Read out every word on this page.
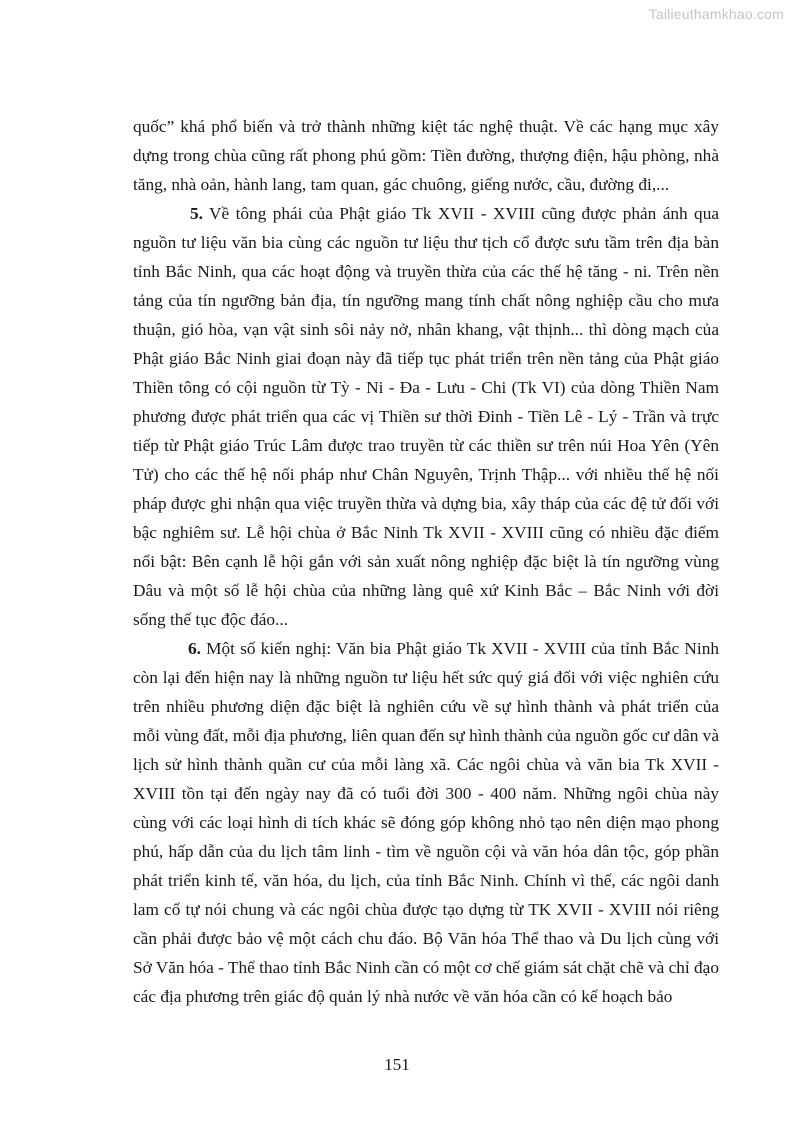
Tailieuthamkhao.com

quốc” khá phổ biến và trở thành những kiệt tác nghệ thuật. Về các hạng mục xây dựng trong chùa cũng rất phong phú gồm: Tiền đường, thượng điện, hậu phòng, nhà tăng, nhà oản, hành lang, tam quan, gác chuông, giếng nước, cầu, đường đi,...

5. Về tông phái của Phật giáo Tk XVII - XVIII cũng được phản ánh qua nguồn tư liệu văn bia cùng các nguồn tư liệu thư tịch cổ được sưu tầm trên địa bàn tỉnh Bắc Ninh, qua các hoạt động và truyền thừa của các thế hệ tăng - ni. Trên nền tảng của tín ngưỡng bản địa, tín ngưỡng mang tính chất nông nghiệp cầu cho mưa thuận, gió hòa, vạn vật sinh sôi nảy nở, nhân khang, vật thịnh... thì dòng mạch của Phật giáo Bắc Ninh giai đoạn này đã tiếp tục phát triển trên nền tảng của Phật giáo Thiền tông có cội nguồn từ Tỳ - Ni - Đa - Lưu - Chi (Tk VI) của dòng Thiền Nam phương được phát triển qua các vị Thiền sư thời Đinh - Tiền Lê - Lý - Trần và trực tiếp từ Phật giáo Trúc Lâm được trao truyền từ các thiền sư trên núi Hoa Yên (Yên Tử) cho các thế hệ nối pháp như Chân Nguyên, Trịnh Thập... với nhiều thế hệ nối pháp được ghi nhận qua việc truyền thừa và dựng bia, xây tháp của các đệ tử đối với bậc nghiêm sư. Lễ hội chùa ở Bắc Ninh Tk XVII - XVIII cũng có nhiều đặc điểm nổi bật: Bên cạnh lễ hội gắn với sản xuất nông nghiệp đặc biệt là tín ngưỡng vùng Dâu và một số lễ hội chùa của những làng quê xứ Kinh Bắc – Bắc Ninh với đời sống thế tục độc đáo...

6. Một số kiến nghị: Văn bia Phật giáo Tk XVII - XVIII của tỉnh Bắc Ninh còn lại đến hiện nay là những nguồn tư liệu hết sức quý giá đối với việc nghiên cứu trên nhiều phương diện đặc biệt là nghiên cứu về sự hình thành và phát triển của mỗi vùng đất, mỗi địa phương, liên quan đến sự hình thành của nguồn gốc cư dân và lịch sử hình thành quần cư của mỗi làng xã. Các ngôi chùa và văn bia Tk XVII - XVIII tồn tại đến ngày nay đã có tuổi đời 300 - 400 năm. Những ngôi chùa này cùng với các loại hình di tích khác sẽ đóng góp không nhỏ tạo nên diện mạo phong phú, hấp dẫn của du lịch tâm linh - tìm về nguồn cội và văn hóa dân tộc, góp phần phát triển kinh tế, văn hóa, du lịch, của tỉnh Bắc Ninh. Chính vì thế, các ngôi danh lam cổ tự nói chung và các ngôi chùa được tạo dựng từ TK XVII - XVIII nói riêng cần phải được bảo vệ một cách chu đáo. Bộ Văn hóa Thể thao và Du lịch cùng với Sở Văn hóa - Thể thao tỉnh Bắc Ninh cần có một cơ chế giám sát chặt chẽ và chỉ đạo các địa phương trên giác độ quản lý nhà nước về văn hóa cần có kế hoạch bảo

151
